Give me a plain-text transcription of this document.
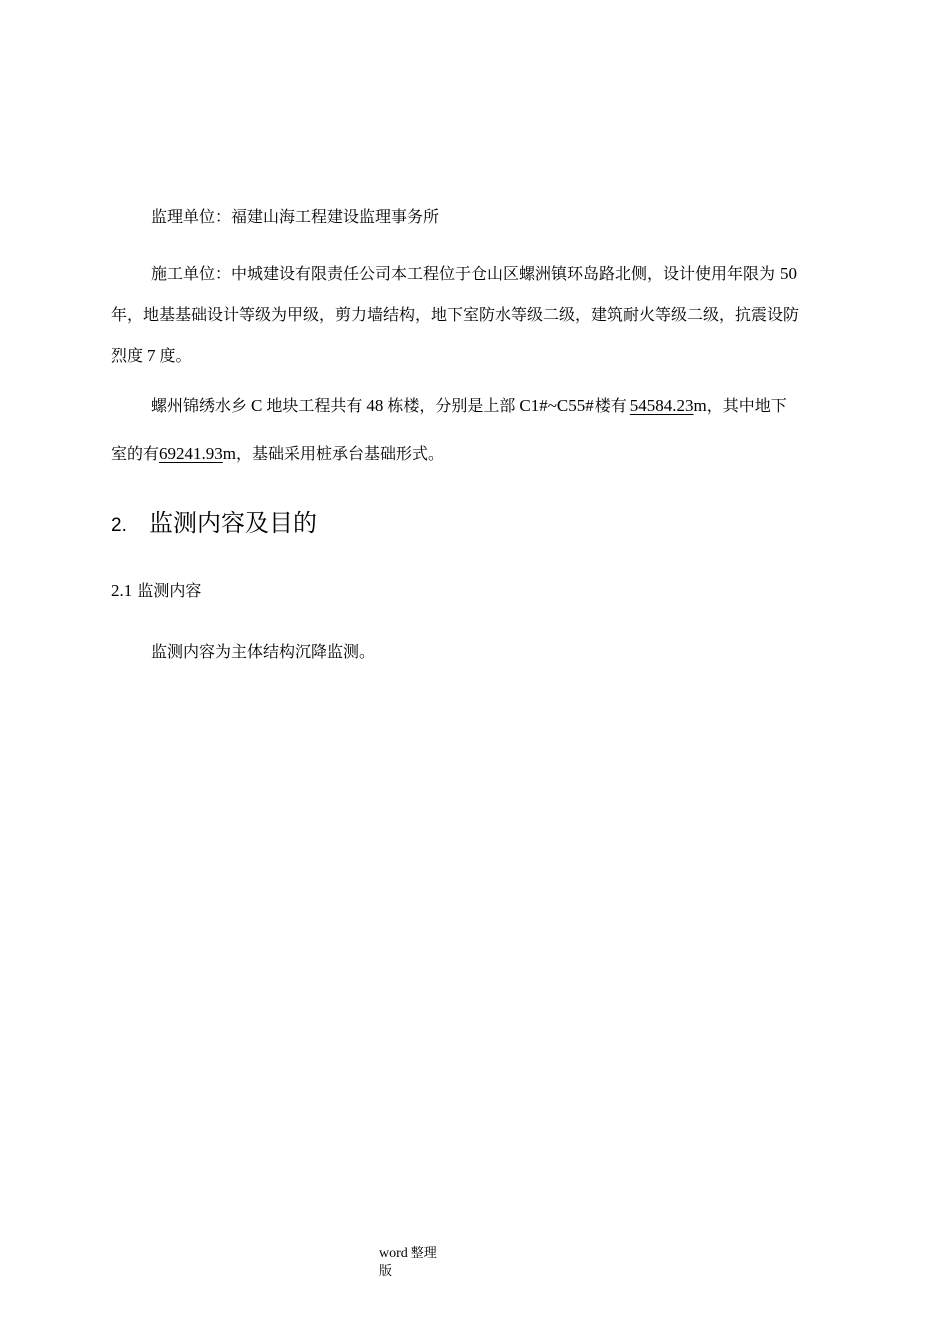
监理单位：福建山海工程建设监理事务所

施工单位：中城建设有限责任公司本工程位于仓山区螺洲镇环岛路北侧，设计使用年限为 50
年，地基基础设计等级为甲级，剪力墙结构，地下室防水等级二级，建筑耐火等级二级，抗震设防
烈度 7 度。
螺州锦绣水乡 C 地块工程共有 48 栋楼，分别是上部 C1#~C55#楼有 54584.23m，其中地下
室的有69241.93m，基础采用桩承台基础形式。
2. 监测内容及目的
2.1 监测内容

监测内容为主体结构沉降监测。

word 整理
版
